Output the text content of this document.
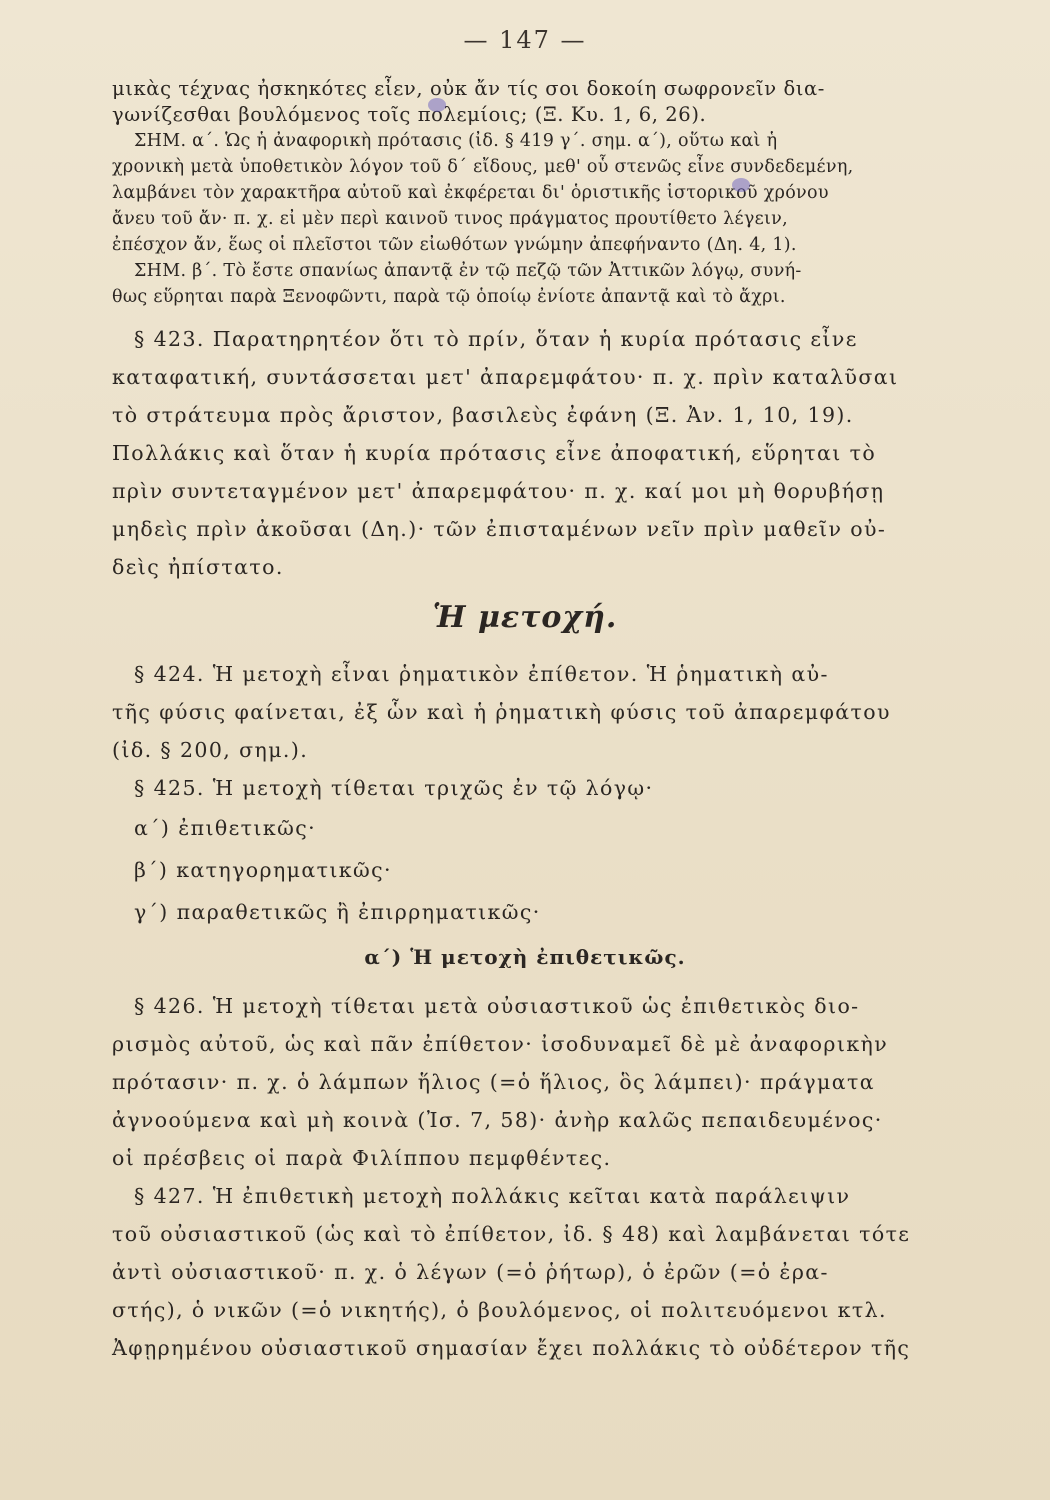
— 147 —
μικὰς τέχνας ἠσκηκότες εἶεν, οὐκ ἄν τίς σοι δοκοίη σωφρονεῖν δια-
γωνίζεσθαι βουλόμενος τοῖς πολεμίοις; (Ξ. Κυ. 1, 6, 26).
ΣΗΜ. α΄. Ὡς ἡ ἀναφορικὴ πρότασις (ἰδ. § 419 γ΄. σημ. α΄), οὕτω καὶ ἡ
χρονικὴ μετὰ ὑποθετικὸν λόγον τοῦ δ΄ εἴδους, μεθ' οὗ στενῶς εἶνε συνδεδεμένη,
λαμβάνει τὸν χαρακτῆρα αὐτοῦ καὶ ἐκφέρεται δι' ὁριστικῆς ἱστορικοῦ χρόνου
ἄνευ τοῦ ἄν· π. χ. εἰ μὲν περὶ καινοῦ τινος πράγματος προυτίθετο λέγειν,
ἐπέσχον ἄν, ἕως οἱ πλεῖστοι τῶν εἰωθότων γνώμην ἀπεφήναντο (Δη. 4, 1).
ΣΗΜ. β΄. Τὸ ἔστε σπανίως ἀπαντᾷ ἐν τῷ πεζῷ τῶν Ἀττικῶν λόγῳ, συνή-
θως εὕρηται παρὰ Ξενοφῶντι, παρὰ τῷ ὁποίῳ ἐνίοτε ἀπαντᾷ καὶ τὸ ἄχρι.
§ 423. Παρατηρητέον ὅτι τὸ πρίν, ὅταν ἡ κυρία πρότασις εἶνε
καταφατική, συντάσσεται μετ' ἀπαρεμφάτου· π. χ. πρὶν καταλῦσαι
τὸ στράτευμα πρὸς ἄριστον, βασιλεὺς ἐφάνη (Ξ. Ἀν. 1, 10, 19).
Πολλάκις καὶ ὅταν ἡ κυρία πρότασις εἶνε ἀποφατική, εὕρηται τὸ
πρὶν συντεταγμένον μετ' ἀπαρεμφάτου· π. χ. καί μοι μὴ θορυβήσῃ
μηδεὶς πρὶν ἀκοῦσαι (Δη.)· τῶν ἐπισταμένων νεῖν πρὶν μαθεῖν οὐ-
δεὶς ἠπίστατο.
Ἡ μετοχή.
§ 424. Ἡ μετοχὴ εἶναι ῥηματικὸν ἐπίθετον. Ἡ ῥηματικὴ αὐ-
τῆς φύσις φαίνεται, ἐξ ὧν καὶ ἡ ῥηματικὴ φύσις τοῦ ἀπαρεμφάτου
(ἰδ. § 200, σημ.).
§ 425. Ἡ μετοχὴ τίθεται τριχῶς ἐν τῷ λόγῳ·
α΄) ἐπιθετικῶς·
β΄) κατηγορηματικῶς·
γ΄) παραθετικῶς ἢ ἐπιρρηματικῶς·
α΄) Ἡ μετοχὴ ἐπιθετικῶς.
§ 426. Ἡ μετοχὴ τίθεται μετὰ οὐσιαστικοῦ ὡς ἐπιθετικὸς διο-
ρισμὸς αὐτοῦ, ὡς καὶ πᾶν ἐπίθετον· ἰσοδυναμεῖ δὲ μὲ ἀναφορικὴν
πρότασιν· π. χ. ὁ λάμπων ἥλιος (=ὁ ἥλιος, ὃς λάμπει)· πράγματα
ἀγνοούμενα καὶ μὴ κοινὰ (Ἰσ. 7, 58)· ἀνὴρ καλῶς πεπαιδευμένος·
οἱ πρέσβεις οἱ παρὰ Φιλίππου πεμφθέντες.
§ 427. Ἡ ἐπιθετικὴ μετοχὴ πολλάκις κεῖται κατὰ παράλειψιν
τοῦ οὐσιαστικοῦ (ὡς καὶ τὸ ἐπίθετον, ἰδ. § 48) καὶ λαμβάνεται τότε
ἀντὶ οὐσιαστικοῦ· π. χ. ὁ λέγων (=ὁ ῥήτωρ), ὁ ἐρῶν (=ὁ ἐρα-
στής), ὁ νικῶν (=ὁ νικητής), ὁ βουλόμενος, οἱ πολιτευόμενοι κτλ.
Ἀφῃρημένου οὐσιαστικοῦ σημασίαν ἔχει πολλάκις τὸ οὐδέτερον τῆς
